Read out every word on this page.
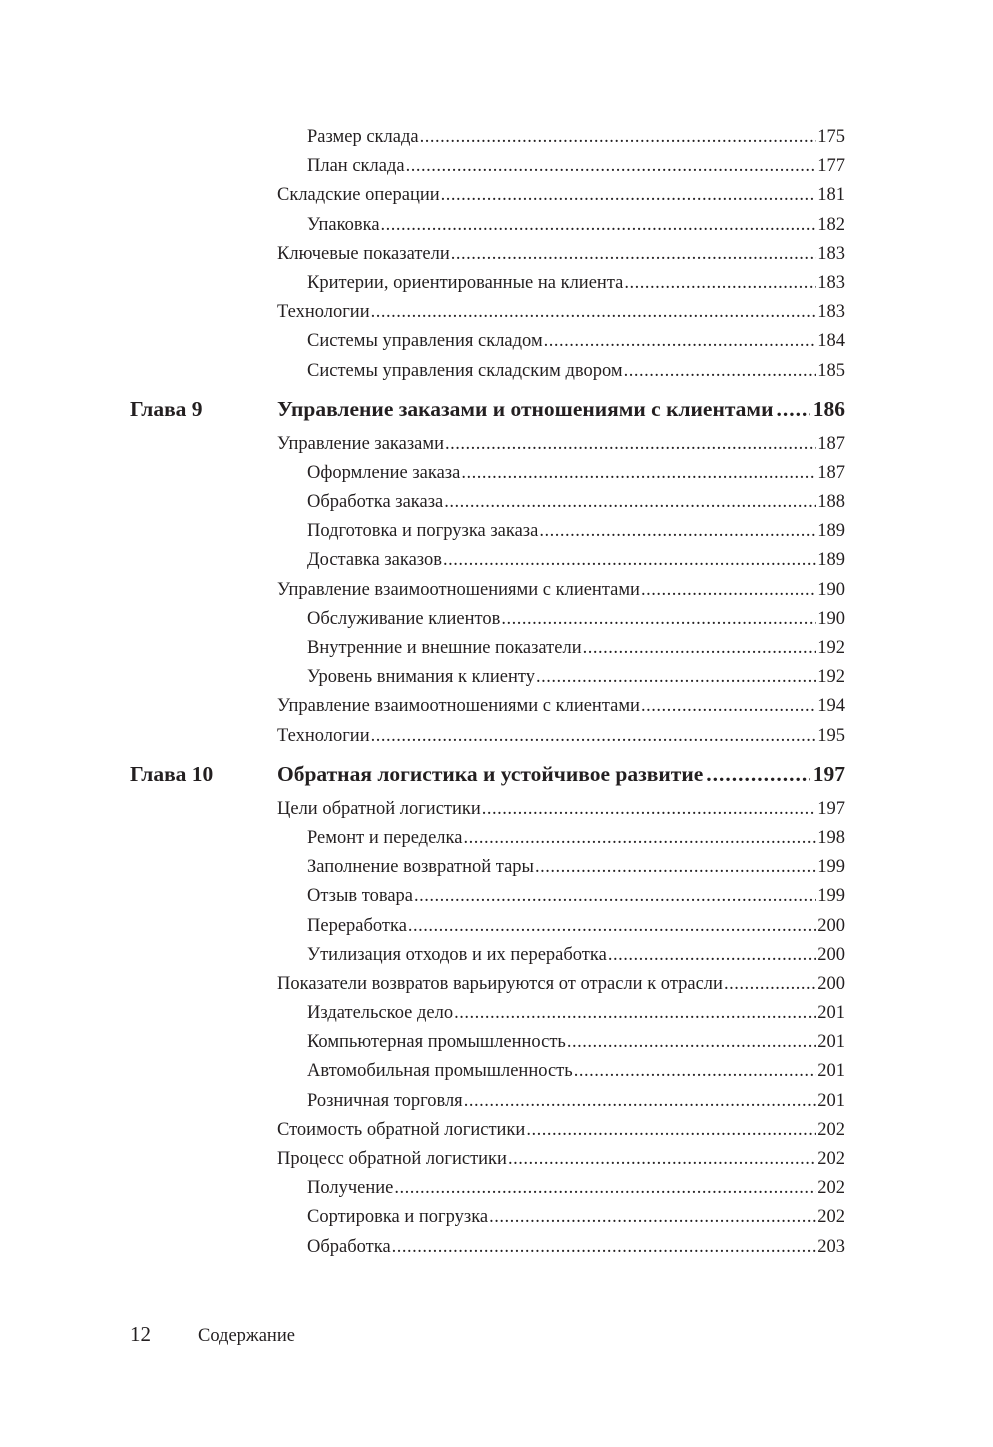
Размер склада .....	175
План склада .....	177
Складские операции .....	181
Упаковка .....	182
Ключевые показатели .....	183
Критерии, ориентированные на клиента .....	183
Технологии .....	183
Системы управления складом .....	184
Системы управления складским двором .....	185
Глава 9	Управление заказами и отношениями с клиентами ..... 186
Управление заказами .....	187
Оформление заказа .....	187
Обработка заказа .....	188
Подготовка и погрузка заказа .....	189
Доставка заказов .....	189
Управление взаимоотношениями с клиентами .....	190
Обслуживание клиентов .....	190
Внутренние и внешние показатели .....	192
Уровень внимания к клиенту .....	192
Управление взаимоотношениями с клиентами .....	194
Технологии .....	195
Глава 10	Обратная логистика и устойчивое развитие .....	197
Цели обратной логистики .....	197
Ремонт и переделка .....	198
Заполнение возвратной тары .....	199
Отзыв товара .....	199
Переработка .....	200
Утилизация отходов и их переработка .....	200
Показатели возвратов варьируются от отрасли к отрасли .....	200
Издательское дело .....	201
Компьютерная промышленность .....	201
Автомобильная промышленность .....	201
Розничная торговля .....	201
Стоимость обратной логистики .....	202
Процесс обратной логистики .....	202
Получение .....	202
Сортировка и погрузка .....	202
Обработка .....	203
12	Содержание
